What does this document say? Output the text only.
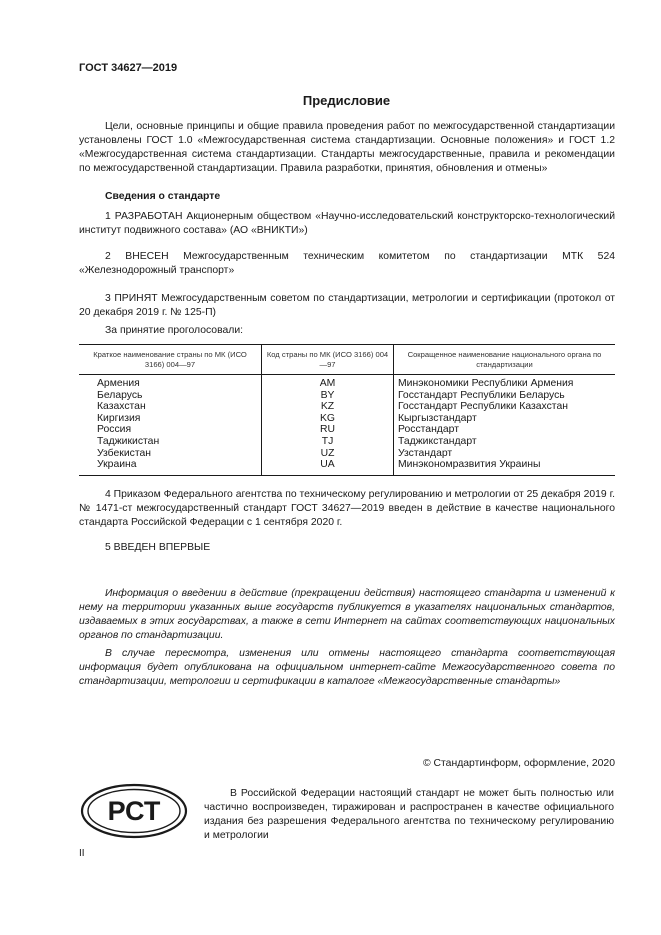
ГОСТ 34627—2019
Предисловие

Цели, основные принципы и общие правила проведения работ по межгосударственной стандартизации установлены ГОСТ 1.0 «Межгосударственная система стандартизации. Основные положения» и ГОСТ 1.2 «Межгосударственная система стандартизации. Стандарты межгосударственные, правила и рекомендации по межгосударственной стандартизации. Правила разработки, принятия, обновления и отмены»

Сведения о стандарте

1 РАЗРАБОТАН Акционерным обществом «Научно-исследовательский конструкторско-технологический институт подвижного состава» (АО «ВНИКТИ»)

2 ВНЕСЕН Межгосударственным техническим комитетом по стандартизации МТК 524 «Железнодорожный транспорт»

3 ПРИНЯТ Межгосударственным советом по стандартизации, метрологии и сертификации (протокол от 20 декабря 2019 г. № 125-П)

За принятие проголосовали:
Краткое наименование страны по МК (ИСО 3166) 004—97	Код страны по МК (ИСО 3166) 004—97	Сокращенное наименование национального органа по стандартизации
Армения	AM	Минэкономики Республики Армения
Беларусь	BY	Госстандарт Республики Беларусь
Казахстан	KZ	Госстандарт Республики Казахстан
Киргизия	KG	Кыргызстандарт
Россия	RU	Росстандарт
Таджикистан	TJ	Таджикстандарт
Узбекистан	UZ	Узстандарт
Украина	UA	Минэкономразвития Украины

4 Приказом Федерального агентства по техническому регулированию и метрологии от 25 декабря 2019 г. № 1471-ст межгосударственный стандарт ГОСТ 34627—2019 введен в действие в качестве национального стандарта Российской Федерации с 1 сентября 2020 г.

5 ВВЕДЕН ВПЕРВЫЕ

Информация о введении в действие (прекращении действия) настоящего стандарта и изменений к нему на территории указанных выше государств публикуется в указателях национальных стандартов, издаваемых в этих государствах, а также в сети Интернет на сайтах соответствующих национальных органов по стандартизации.

В случае пересмотра, изменения или отмены настоящего стандарта соответствующая информация будет опубликована на официальном интернет-сайте Межгосударственного совета по стандартизации, метрологии и сертификации в каталоге «Межгосударственные стандарты»

© Стандартинформ, оформление, 2020
РСТ

В Российской Федерации настоящий стандарт не может быть полностью или частично воспроизведен, тиражирован и распространен в качестве официального издания без разрешения Федерального агентства по техническому регулированию и метрологии

II
